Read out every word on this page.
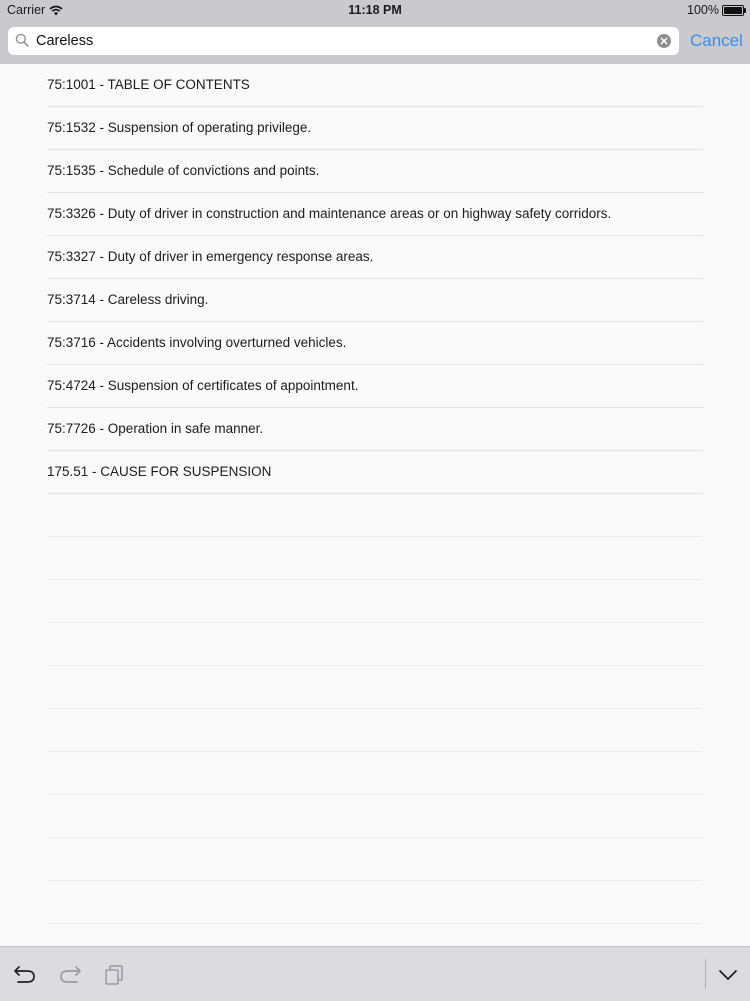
Carrier	11:18 PM	100%
Careless
Cancel
75:1001 - TABLE OF CONTENTS
75:1532 - Suspension of operating privilege.
75:1535 - Schedule of convictions and points.
75:3326 - Duty of driver in construction and maintenance areas or on highway safety corridors.
75:3327 - Duty of driver in emergency response areas.
75:3714 - Careless driving.
75:3716 - Accidents involving overturned vehicles.
75:4724 - Suspension of certificates of appointment.
75:7726 - Operation in safe manner.
175.51 - CAUSE FOR SUSPENSION
